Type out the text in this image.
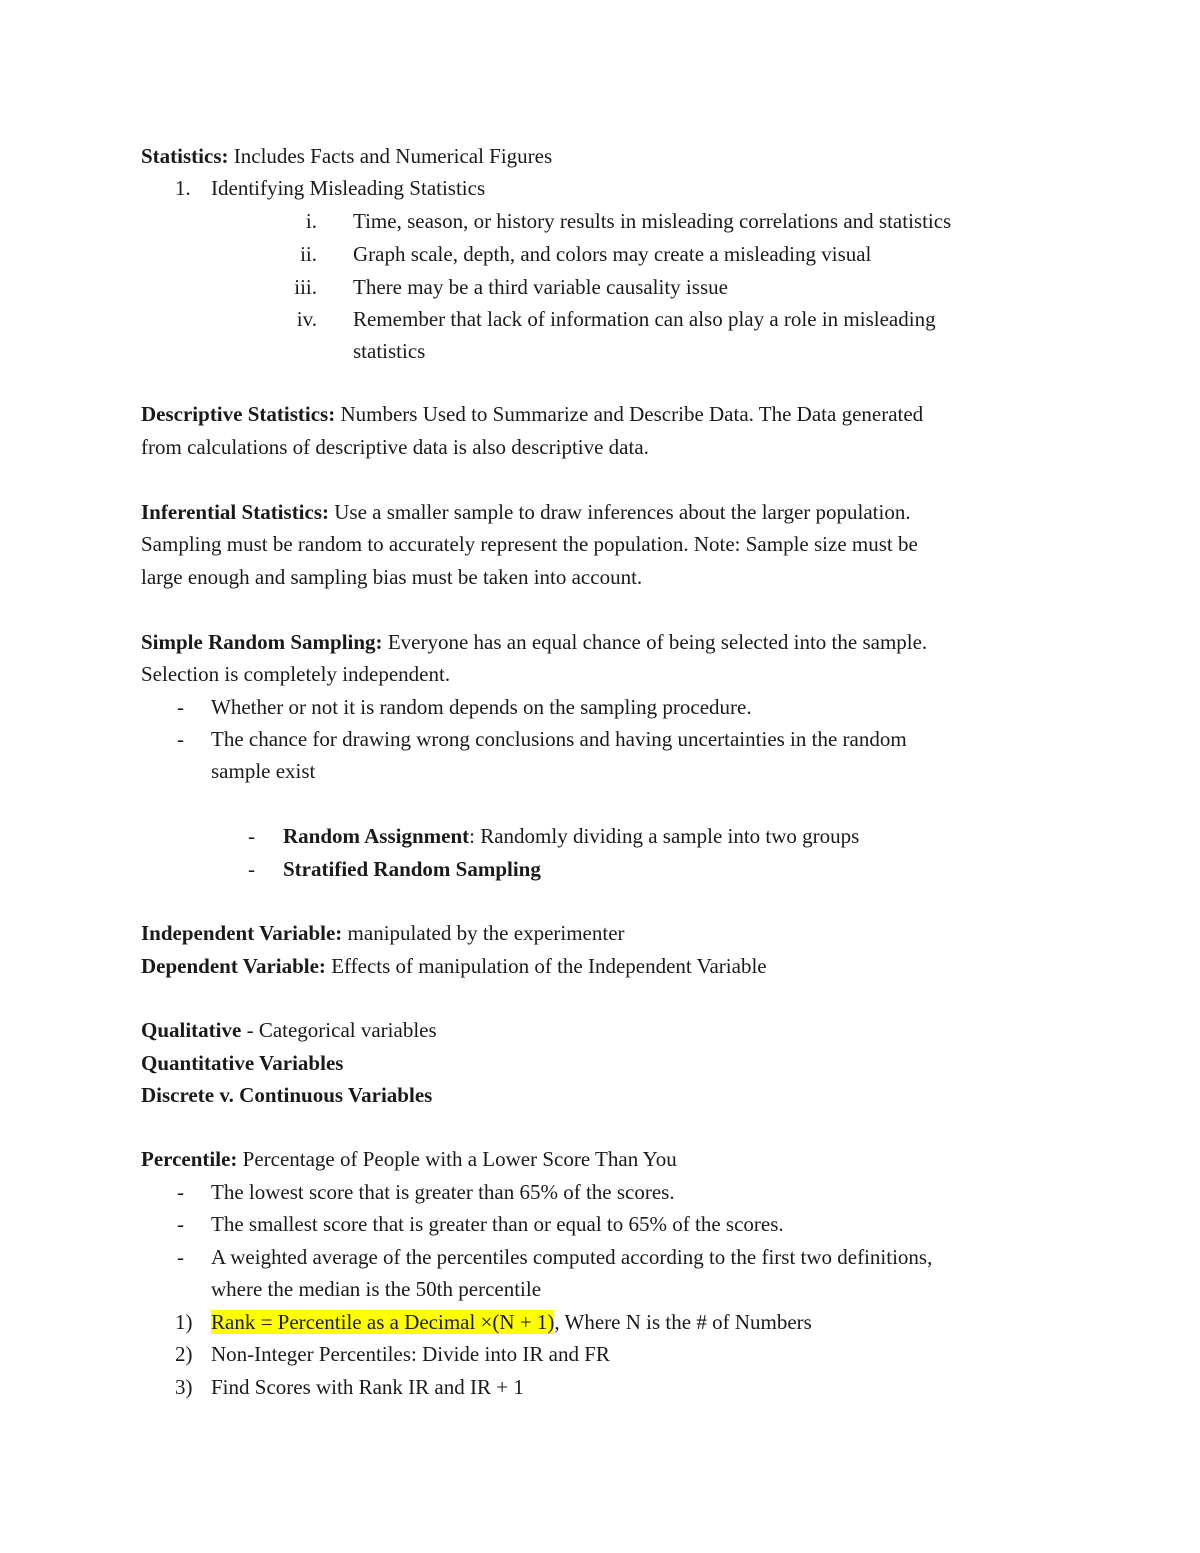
Statistics: Includes Facts and Numerical Figures
1. Identifying Misleading Statistics
i. Time, season, or history results in misleading correlations and statistics
ii. Graph scale, depth, and colors may create a misleading visual
iii. There may be a third variable causality issue
iv. Remember that lack of information can also play a role in misleading
statistics
Descriptive Statistics: Numbers Used to Summarize and Describe Data. The Data generated
from calculations of descriptive data is also descriptive data.
Inferential Statistics: Use a smaller sample to draw inferences about the larger population.
Sampling must be random to accurately represent the population. Note: Sample size must be
large enough and sampling bias must be taken into account.
Simple Random Sampling: Everyone has an equal chance of being selected into the sample.
Selection is completely independent.
- Whether or not it is random depends on the sampling procedure.
- The chance for drawing wrong conclusions and having uncertainties in the random
sample exist
- Random Assignment: Randomly dividing a sample into two groups
- Stratified Random Sampling
Independent Variable: manipulated by the experimenter
Dependent Variable: Effects of manipulation of the Independent Variable
Qualitative - Categorical variables
Quantitative Variables
Discrete v. Continuous Variables
Percentile: Percentage of People with a Lower Score Than You
- The lowest score that is greater than 65% of the scores.
- The smallest score that is greater than or equal to 65% of the scores.
- A weighted average of the percentiles computed according to the first two definitions,
where the median is the 50th percentile
1) Rank = Percentile as a Decimal ×(N + 1), Where N is the # of Numbers
2) Non-Integer Percentiles: Divide into IR and FR
3) Find Scores with Rank IR and IR + 1
